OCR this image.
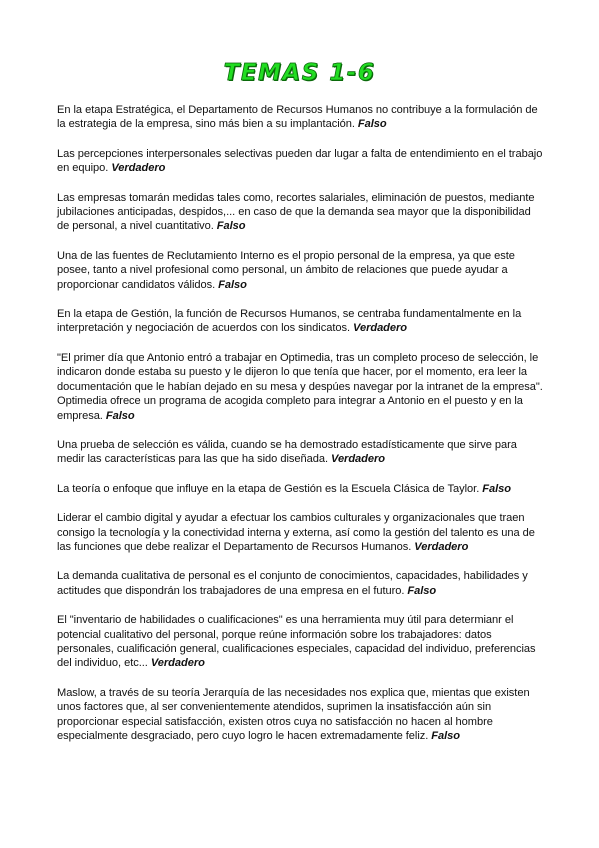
TEMAS 1-6

En la etapa Estratégica, el Departamento de Recursos Humanos no contribuye a la formulación de la estrategia de la empresa, sino más bien a su implantación. Falso

Las percepciones interpersonales selectivas pueden dar lugar a falta de entendimiento en el trabajo en equipo. Verdadero

Las empresas tomarán medidas tales como, recortes salariales, eliminación de puestos, mediante jubilaciones anticipadas, despidos,... en caso de que la demanda sea mayor que la disponibilidad de personal, a nivel cuantitativo. Falso

Una de las fuentes de Reclutamiento Interno es el propio personal de la empresa, ya que este posee, tanto a nivel profesional como personal, un ámbito de relaciones que puede ayudar a proporcionar candidatos válidos. Falso

En la etapa de Gestión, la función de Recursos Humanos, se centraba fundamentalmente en la interpretación y negociación de acuerdos con los sindicatos. Verdadero

"El primer día que Antonio entró a trabajar en Optimedia, tras un completo proceso de selección, le indicaron donde estaba su puesto y le dijeron lo que tenía que hacer, por el momento, era leer la documentación que le habían dejado en su mesa y despúes navegar por la intranet de la empresa". Optimedia ofrece un programa de acogida completo para integrar a Antonio en el puesto y en la empresa. Falso

Una prueba de selección es válida, cuando se ha demostrado estadísticamente que sirve para medir las características para las que ha sido diseñada. Verdadero

La teoría o enfoque que influye en la etapa de Gestión es la Escuela Clásica de Taylor. Falso

Liderar el cambio digital y ayudar a efectuar los cambios culturales y organizacionales que traen consigo la tecnología y la conectividad interna y externa, así como la gestión del talento es una de las funciones que debe realizar el Departamento de Recursos Humanos. Verdadero

La demanda cualitativa de personal es el conjunto de conocimientos, capacidades, habilidades y actitudes que dispondrán los trabajadores de una empresa en el futuro. Falso

El "inventario de habilidades o cualificaciones" es una herramienta muy útil para determianr el potencial cualitativo del personal, porque reúne información sobre los trabajadores: datos personales, cualificación general, cualificaciones especiales, capacidad del individuo, preferencias del individuo, etc... Verdadero

Maslow, a través de su teoría Jerarquía de las necesidades nos explica que, mientas que existen unos factores que, al ser convenientemente atendidos, suprimen la insatisfacción aún sin proporcionar especial satisfacción, existen otros cuya no satisfacción no hacen al hombre especialmente desgraciado, pero cuyo logro le hacen extremadamente feliz. Falso
